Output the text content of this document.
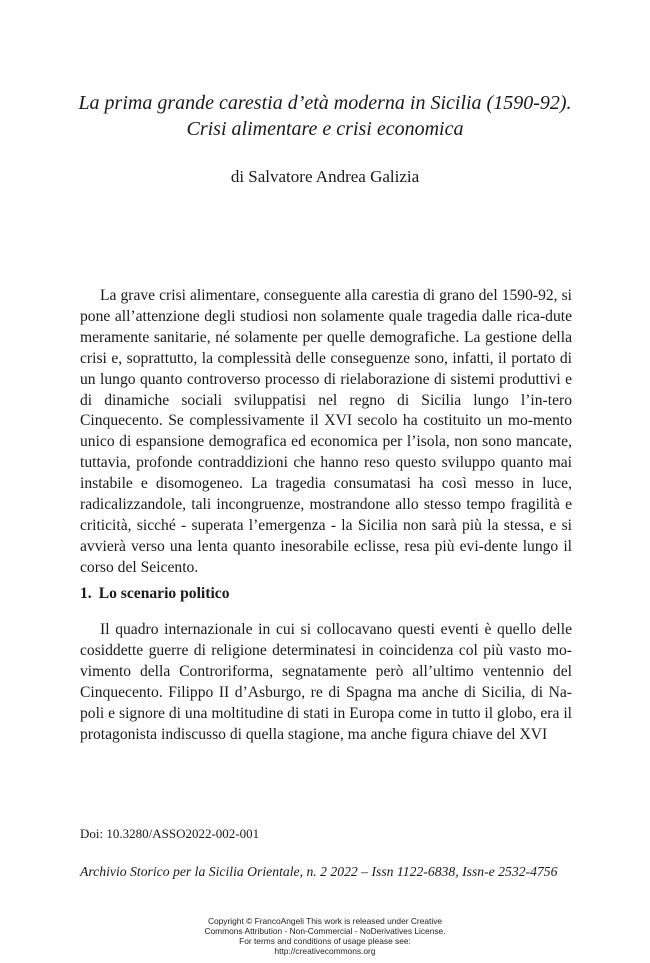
La prima grande carestia d’età moderna in Sicilia (1590-92).
Crisi alimentare e crisi economica
di Salvatore Andrea Galizia

La grave crisi alimentare, conseguente alla carestia di grano del 1590-92, si pone all’attenzione degli studiosi non solamente quale tragedia dalle rica-dute meramente sanitarie, né solamente per quelle demografiche. La gestione della crisi e, soprattutto, la complessità delle conseguenze sono, infatti, il portato di un lungo quanto controverso processo di rielaborazione di sistemi produttivi e di dinamiche sociali sviluppatisi nel regno di Sicilia lungo l’in-tero Cinquecento. Se complessivamente il XVI secolo ha costituito un mo-mento unico di espansione demografica ed economica per l’isola, non sono mancate, tuttavia, profonde contraddizioni che hanno reso questo sviluppo quanto mai instabile e disomogeneo. La tragedia consumatasi ha così messo in luce, radicalizzandole, tali incongruenze, mostrandone allo stesso tempo fragilità e criticità, sicché - superata l’emergenza - la Sicilia non sarà più la stessa, e si avvierà verso una lenta quanto inesorabile eclisse, resa più evi-dente lungo il corso del Seicento.

1. Lo scenario politico

Il quadro internazionale in cui si collocavano questi eventi è quello delle cosiddette guerre di religione determinatesi in coincidenza col più vasto mo-vimento della Controriforma, segnatamente però all’ultimo ventennio del Cinquecento. Filippo II d’Asburgo, re di Spagna ma anche di Sicilia, di Na-poli e signore di una moltitudine di stati in Europa come in tutto il globo, era il protagonista indiscusso di quella stagione, ma anche figura chiave del XVI

Doi: 10.3280/ASSO2022-002-001
Archivio Storico per la Sicilia Orientale, n. 2 2022 – Issn 1122-6838, Issn-e 2532-4756
Copyright © FrancoAngeli This work is released under Creative
Commons Attribution - Non-Commercial - NoDerivatives License.
For terms and conditions of usage please see:
http://creativecommons.org
